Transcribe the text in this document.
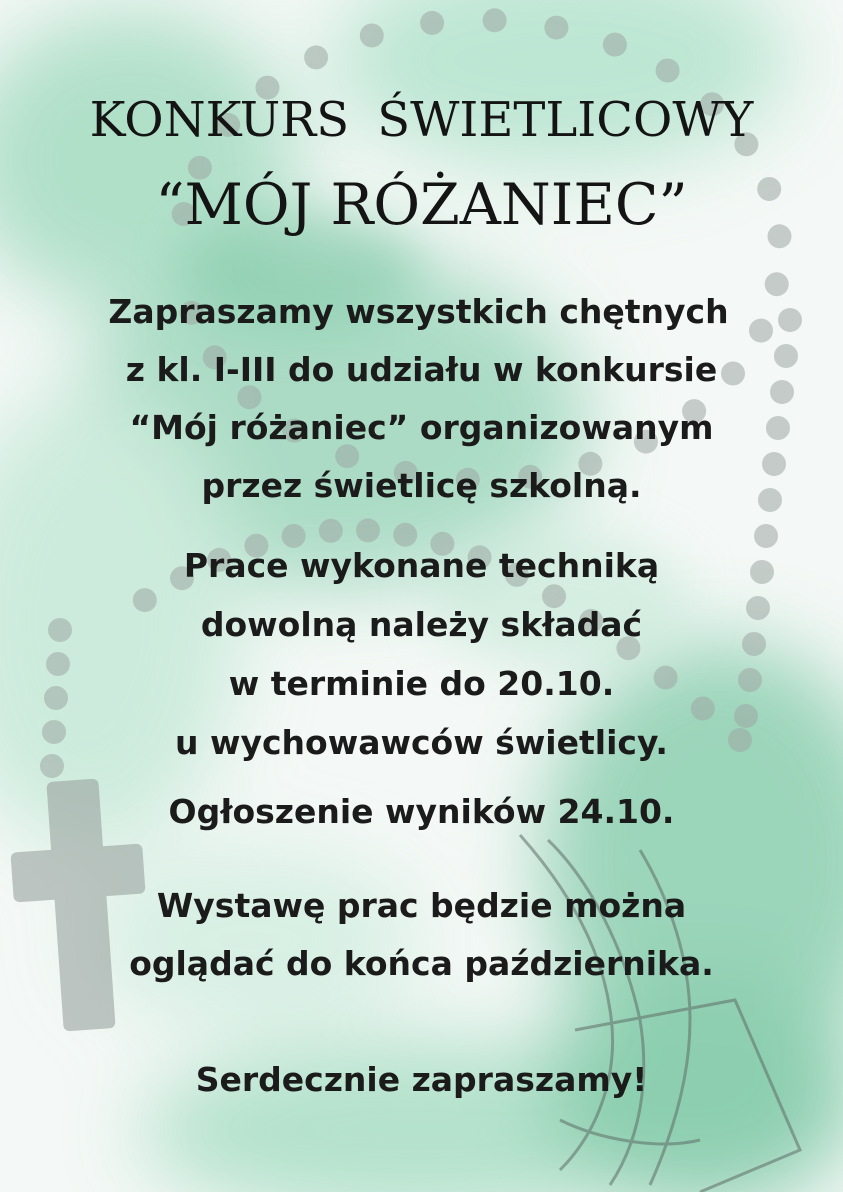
KONKURS ŚWIETLICOWY
“MÓJ RÓŻANIEC”
Zapraszamy wszystkich chętnych
z kl. I-III do udziału w konkursie
“Mój różaniec” organizowanym
przez świetlicę szkolną.
Prace wykonane techniką
dowolną należy składać
w terminie do 20.10.
u wychowawców świetlicy.
Ogłoszenie wyników 24.10.
Wystawę prac będzie można
oglądać do końca października.
Serdecznie zapraszamy!
